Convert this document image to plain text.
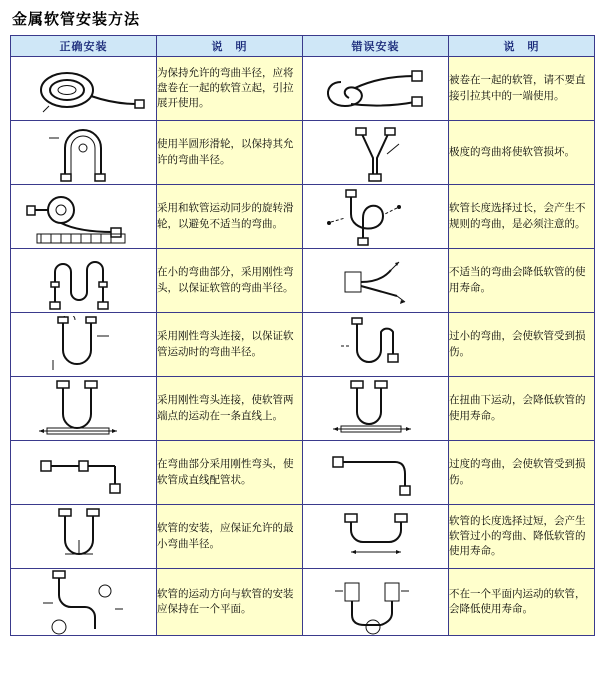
金属软管安装方法
正确安装	说　明	错误安装	说　明

	为保持允许的弯曲半径，应将盘卷在一起的软管立起，引拉展开使用。		被卷在一起的软管，请不要直接引拉其中的一端使用。

	使用半圆形滑轮，以保持其允许的弯曲半径。		极度的弯曲将使软管损坏。

	采用和软管运动同步的旋转滑轮，以避免不适当的弯曲。		软管长度选择过长，会产生不规则的弯曲，是必须注意的。

	在小的弯曲部分，采用刚性弯头，以保证软管的弯曲半径。		不适当的弯曲会降低软管的使用寿命。

	采用刚性弯头连接，以保证软管运动时的弯曲半径。		过小的弯曲，会使软管受到损伤。

	采用刚性弯头连接，使软管两端点的运动在一条直线上。		在扭曲下运动，会降低软管的使用寿命。

	在弯曲部分采用刚性弯头，使软管成直线配管状。		过度的弯曲，会使软管受到损伤。

	软管的安装，应保证允许的最小弯曲半径。		软管的长度选择过短，会产生软管过小的弯曲、降低软管的使用寿命。

	软管的运动方向与软管的安装应保持在一个平面。		不在一个平面内运动的软管，会降低使用寿命。
